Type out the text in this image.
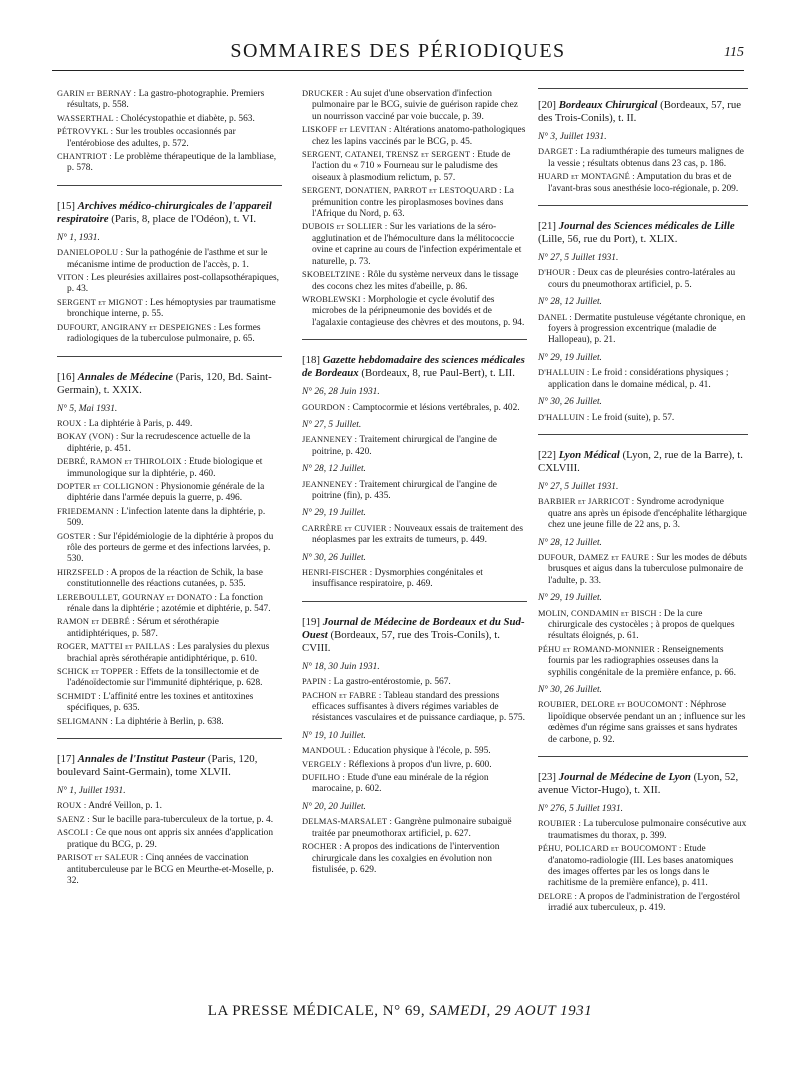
SOMMAIRES DES PÉRIODIQUES	115
GARIN et BERNAY : La gastro-photographie. Premiers résultats, p. 558.
WASSERTHAL : Cholécystopathie et diabète, p. 563.
PÉTROVYKL : Sur les troubles occasionnés par l'entérobiose des adultes, p. 572.
CHANTRIOT : Le problème thérapeutique de la lambliase, p. 578.
[15] Archives médico-chirurgicales de l'appareil respiratoire (Paris, 8, place de l'Odéon), t. VI.
N° 1, 1931.
DANIELOPOLU : Sur la pathogénie de l'asthme et sur le mécanisme intime de production de l'accès, p. 1.
VITON : Les pleurésies axillaires post-collapsothérapiques, p. 43.
SERGENT et MIGNOT : Les hémoptysies par traumatisme bronchique interne, p. 55.
DUFOURT, ANGIRANY et DESPEIGNES : Les formes radiologiques de la tuberculose pulmonaire, p. 65.
[16] Annales de Médecine (Paris, 120, Bd. Saint-Germain), t. XXIX.
N° 5, Mai 1931.
ROUX : La diphtérie à Paris, p. 449.
BOKAY (VON) : Sur la recrudescence actuelle de la diphtérie, p. 451.
DEBRÉ, RAMON et THIROLOIX : Etude biologique et immunologique sur la diphtérie, p. 460.
DOPTER et COLLIGNON : Physionomie générale de la diphtérie dans l'armée depuis la guerre, p. 496.
FRIEDEMANN : L'infection latente dans la diphtérie, p. 509.
GOSTER : Sur l'épidémiologie de la diphtérie à propos du rôle des porteurs de germe et des infections larvées, p. 530.
HIRZSFELD : A propos de la réaction de Schik, la base constitutionnelle des réactions cutanées, p. 535.
LEREBOULLET, GOURNAY et DONATO : La fonction rénale dans la diphtérie ; azotémie et diphtérie, p. 547.
RAMON et DEBRÉ : Sérum et sérothérapie antidiphtériques, p. 587.
ROGER, MATTEI et PAILLAS : Les paralysies du plexus brachial après sérothérapie antidiphtérique, p. 610.
SCHICK et TOPPER : Effets de la tonsillectomie et de l'adénoïdectomie sur l'immunité diphtérique, p. 628.
SCHMIDT : L'affinité entre les toxines et antitoxines spécifiques, p. 635.
SELIGMANN : La diphtérie à Berlin, p. 638.
[17] Annales de l'Institut Pasteur (Paris, 120, boulevard Saint-Germain), tome XLVII.
N° 1, Juillet 1931.
ROUX : André Veillon, p. 1.
SAENZ : Sur le bacille para-tuberculeux de la tortue, p. 4.
ASCOLI : Ce que nous ont appris six années d'application pratique du BCG, p. 29.
PARISOT et SALEUR : Cinq années de vaccination antituberculeuse par le BCG en Meurthe-et-Moselle, p. 32.
DRUCKER : Au sujet d'une observation d'infection pulmonaire par le BCG, suivie de guérison rapide chez un nourrisson vacciné par voie buccale, p. 39.
LISKOFF et LEVITAN : Altérations anatomo-pathologiques chez les lapins vaccinés par le BCG, p. 45.
SERGENT, CATANEI, TRENSZ et SERGENT : Etude de l'action du « 710 » Fourneau sur le paludisme des oiseaux à plasmodium relictum, p. 57.
SERGENT, DONATIEN, PARROT et LESTOQUARD : La prémunition contre les piroplasmoses bovines dans l'Afrique du Nord, p. 63.
DUBOIS et SOLLIER : Sur les variations de la séro-agglutination et de l'hémoculture dans la mélitococcie ovine et caprine au cours de l'infection expérimentale et naturelle, p. 73.
SKOBELTZINE : Rôle du système nerveux dans le tissage des cocons chez les mites d'abeille, p. 86.
WROBLEWSKI : Morphologie et cycle évolutif des microbes de la péripneumonie des bovidés et de l'agalaxie contagieuse des chèvres et des moutons, p. 94.
[18] Gazette hebdomadaire des sciences médicales de Bordeaux (Bordeaux, 8, rue Paul-Bert), t. LII.
N° 26, 28 Juin 1931.
GOURDON : Camptocormie et lésions vertébrales, p. 402.
N° 27, 5 Juillet.
JEANNENEY : Traitement chirurgical de l'angine de poitrine, p. 420.
N° 28, 12 Juillet.
JEANNENEY : Traitement chirurgical de l'angine de poitrine (fin), p. 435.
N° 29, 19 Juillet.
CARRÈRE et CUVIER : Nouveaux essais de traitement des néoplasmes par les extraits de tumeurs, p. 449.
N° 30, 26 Juillet.
HENRI-FISCHER : Dysmorphies congénitales et insuffisance respiratoire, p. 469.
[19] Journal de Médecine de Bordeaux et du Sud-Ouest (Bordeaux, 57, rue des Trois-Conils), t. CVIII.
N° 18, 30 Juin 1931.
PAPIN : La gastro-entérostomie, p. 567.
PACHON et FABRE : Tableau standard des pressions efficaces suffisantes à divers régimes variables de résistances vasculaires et de puissance cardiaque, p. 575.
N° 19, 10 Juillet.
MANDOUL : Education physique à l'école, p. 595.
VERGELY : Réflexions à propos d'un livre, p. 600.
DUFILHO : Etude d'une eau minérale de la région marocaine, p. 602.
N° 20, 20 Juillet.
DELMAS-MARSALET : Gangrène pulmonaire subaiguë traitée par pneumothorax artificiel, p. 627.
ROCHER : A propos des indications de l'intervention chirurgicale dans les coxalgies en évolution non fistulisée, p. 629.
[20] Bordeaux Chirurgical (Bordeaux, 57, rue des Trois-Conils), t. II.
N° 3, Juillet 1931.
DARGET : La radiumthérapie des tumeurs malignes de la vessie ; résultats obtenus dans 23 cas, p. 186.
HUARD et MONTAGNÉ : Amputation du bras et de l'avant-bras sous anesthésie loco-régionale, p. 209.
[21] Journal des Sciences médicales de Lille (Lille, 56, rue du Port), t. XLIX.
N° 27, 5 Juillet 1931.
D'HOUR : Deux cas de pleurésies contro-latérales au cours du pneumothorax artificiel, p. 5.
N° 28, 12 Juillet.
DANEL : Dermatite pustuleuse végétante chronique, en foyers à progression excentrique (maladie de Hallopeau), p. 21.
N° 29, 19 Juillet.
D'HALLUIN : Le froid : considérations physiques ; application dans le domaine médical, p. 41.
N° 30, 26 Juillet.
D'HALLUIN : Le froid (suite), p. 57.
[22] Lyon Médical (Lyon, 2, rue de la Barre), t. CXLVIII.
N° 27, 5 Juillet 1931.
BARBIER et JARRICOT : Syndrome acrodynique quatre ans après un épisode d'encéphalite léthargique chez une jeune fille de 22 ans, p. 3.
N° 28, 12 Juillet.
DUFOUR, DAMEZ et FAURE : Sur les modes de débuts brusques et aigus dans la tuberculose pulmonaire de l'adulte, p. 33.
N° 29, 19 Juillet.
MOLIN, CONDAMIN et BISCH : De la cure chirurgicale des cystocèles ; à propos de quelques résultats éloignés, p. 61.
PÉHU et ROMAND-MONNIER : Renseignements fournis par les radiographies osseuses dans la syphilis congénitale de la première enfance, p. 66.
N° 30, 26 Juillet.
ROUBIER, DELORE et BOUCOMONT : Néphrose lipoïdique observée pendant un an ; influence sur les œdèmes d'un régime sans graisses et sans hydrates de carbone, p. 92.
[23] Journal de Médecine de Lyon (Lyon, 52, avenue Victor-Hugo), t. XII.
N° 276, 5 Juillet 1931.
ROUBIER : La tuberculose pulmonaire consécutive aux traumatismes du thorax, p. 399.
PÉHU, POLICARD et BOUCOMONT : Etude d'anatomo-radiologie (III. Les bases anatomiques des images offertes par les os longs dans le rachitisme de la première enfance), p. 411.
DELORE : A propos de l'administration de l'ergostérol irradié aux tuberculeux, p. 419.
LA PRESSE MÉDICALE, N° 69, SAMEDI, 29 AOUT 1931
